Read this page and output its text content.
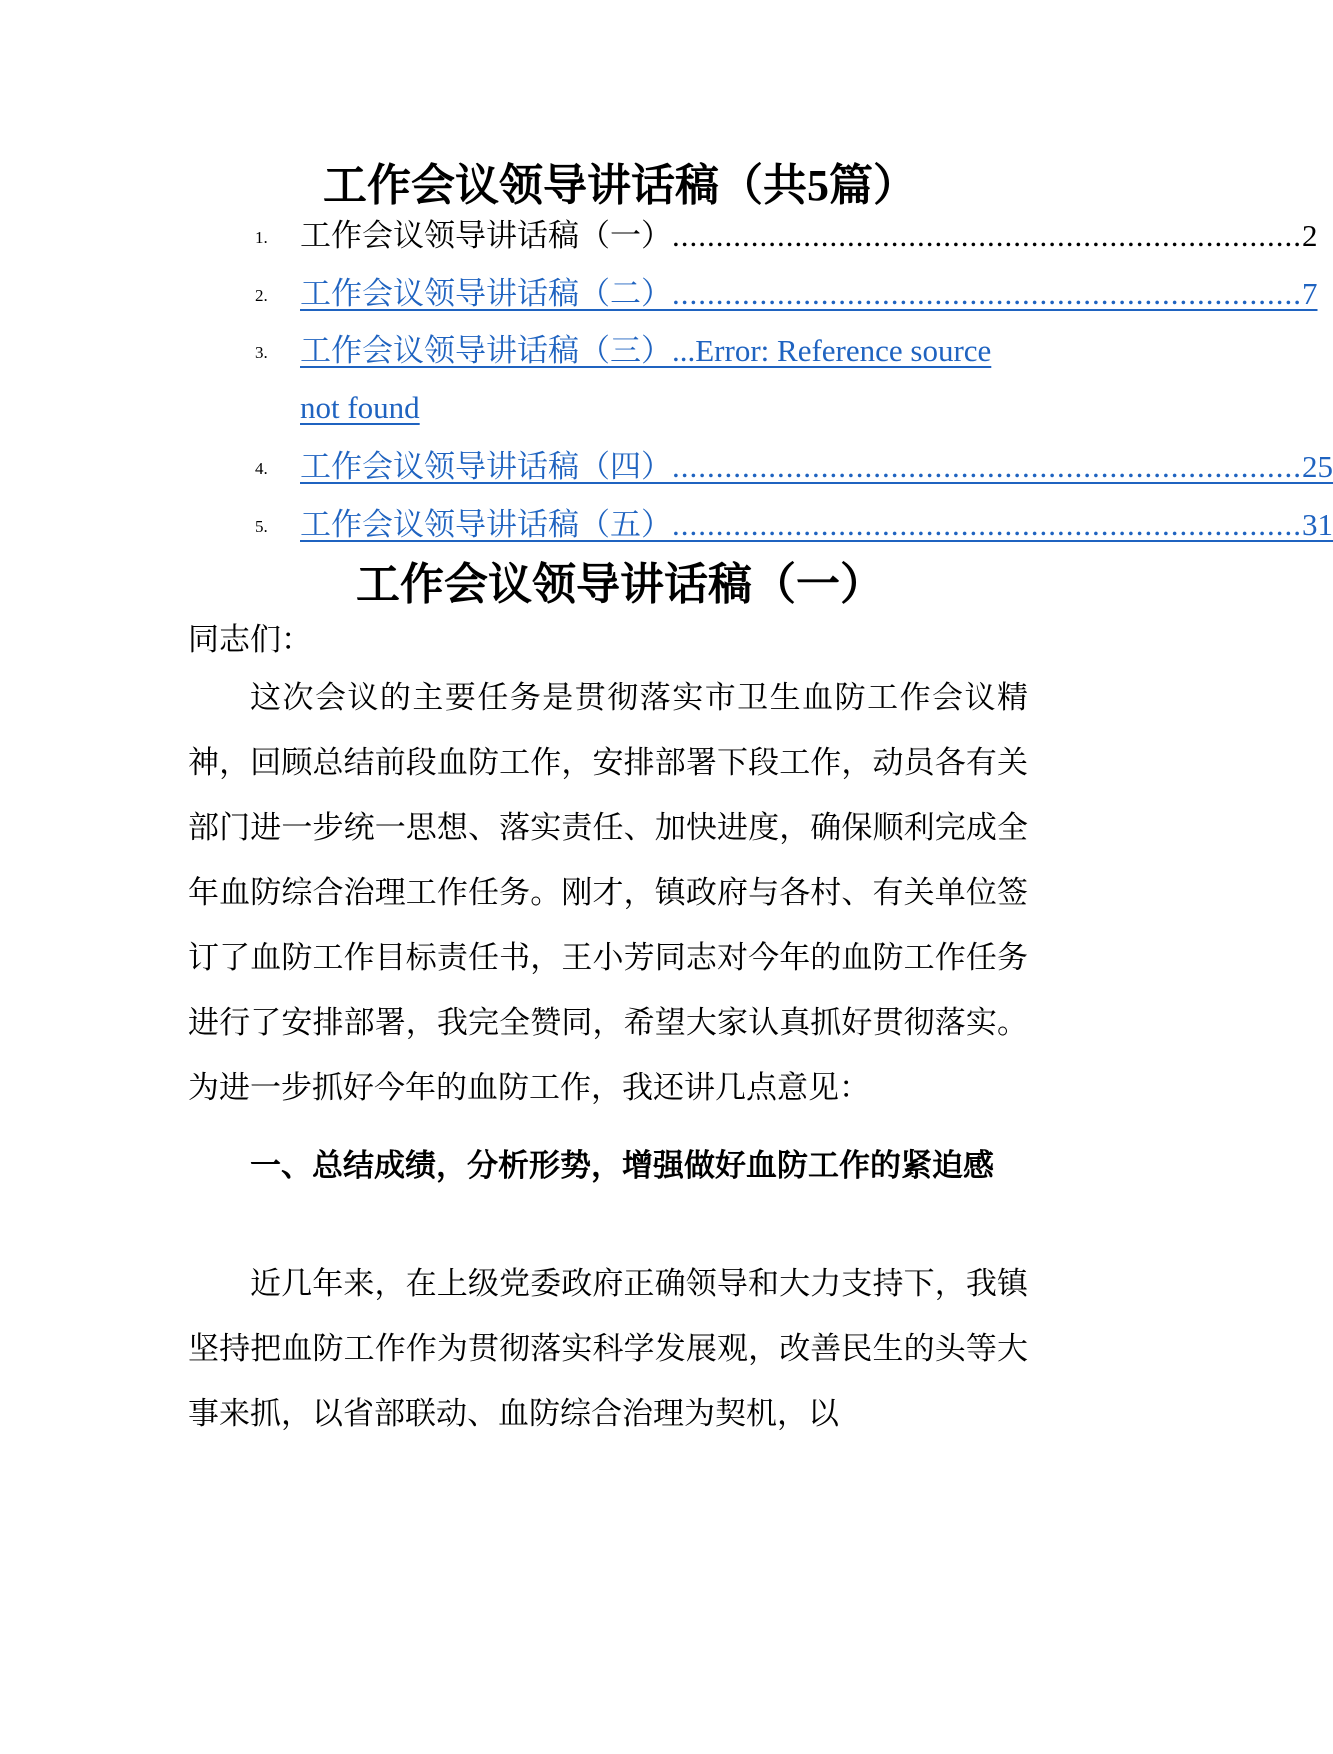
工作会议领导讲话稿（共5篇）
1. 工作会议领导讲话稿（一） ........................................................................ 2
2. 工作会议领导讲话稿（二） ........................................................................ 7
3. 工作会议领导讲话稿（三） ...Error: Reference source
not found
4. 工作会议领导讲话稿（四） ........................................................................ 25
5. 工作会议领导讲话稿（五） ........................................................................ 31
工作会议领导讲话稿（一）

同志们：

这次会议的主要任务是贯彻落实市卫生血防工作会议精神，回顾总结前段血防工作，安排部署下段工作，动员各有关部门进一步统一思想、落实责任、加快进度，确保顺利完成全年血防综合治理工作任务。刚才，镇政府与各村、有关单位签订了血防工作目标责任书，王小芳同志对今年的血防工作任务进行了安排部署，我完全赞同，希望大家认真抓好贯彻落实。为进一步抓好今年的血防工作，我还讲几点意见：

一、总结成绩，分析形势，增强做好血防工作的紧迫感

近几年来，在上级党委政府正确领导和大力支持下，我镇坚持把血防工作作为贯彻落实科学发展观，改善民生的头等大事来抓，以省部联动、血防综合治理为契机，以
